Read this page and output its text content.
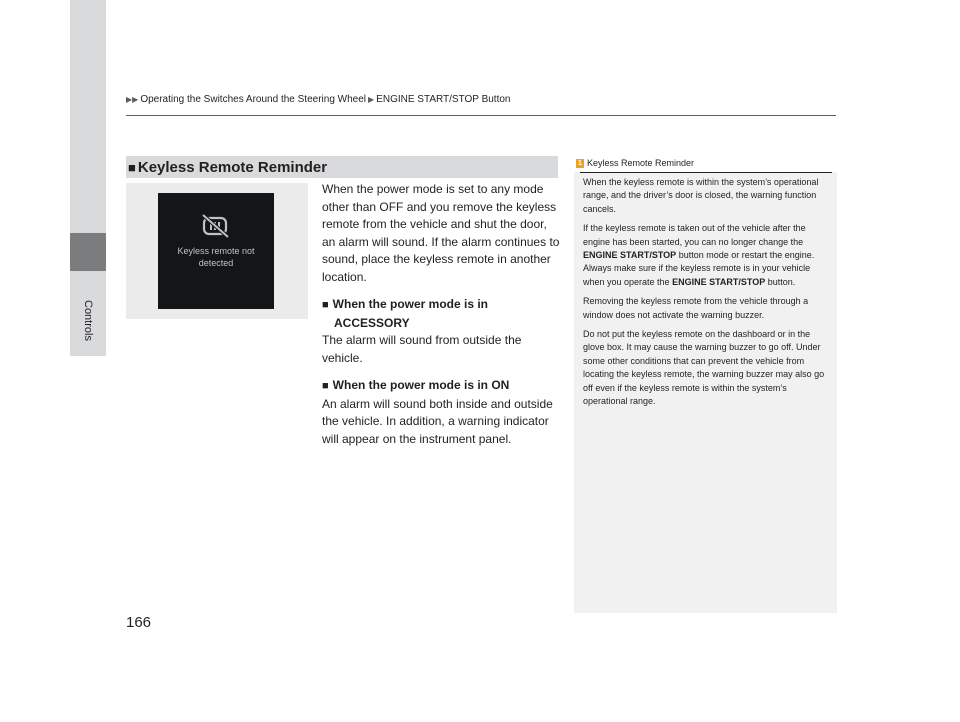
Controls
▶▶ Operating the Switches Around the Steering Wheel ▶ ENGINE START/STOP Button
■ Keyless Remote Reminder
Keyless remote not detected

When the power mode is set to any mode other than OFF and you remove the keyless remote from the vehicle and shut the door, an alarm will sound. If the alarm continues to sound, place the keyless remote in another location.

■ When the power mode is in
ACCESSORY

The alarm will sound from outside the vehicle.

■ When the power mode is in ON

An alarm will sound both inside and outside the vehicle. In addition, a warning indicator will appear on the instrument panel.

1 Keyless Remote Reminder

When the keyless remote is within the system’s operational range, and the driver’s door is closed, the warning function cancels.

If the keyless remote is taken out of the vehicle after the engine has been started, you can no longer change the ENGINE START/STOP button mode or restart the engine. Always make sure if the keyless remote is in your vehicle when you operate the ENGINE START/STOP button.

Removing the keyless remote from the vehicle through a window does not activate the warning buzzer.

Do not put the keyless remote on the dashboard or in the glove box. It may cause the warning buzzer to go off. Under some other conditions that can prevent the vehicle from locating the keyless remote, the warning buzzer may also go off even if the keyless remote is within the system’s operational range.

166
